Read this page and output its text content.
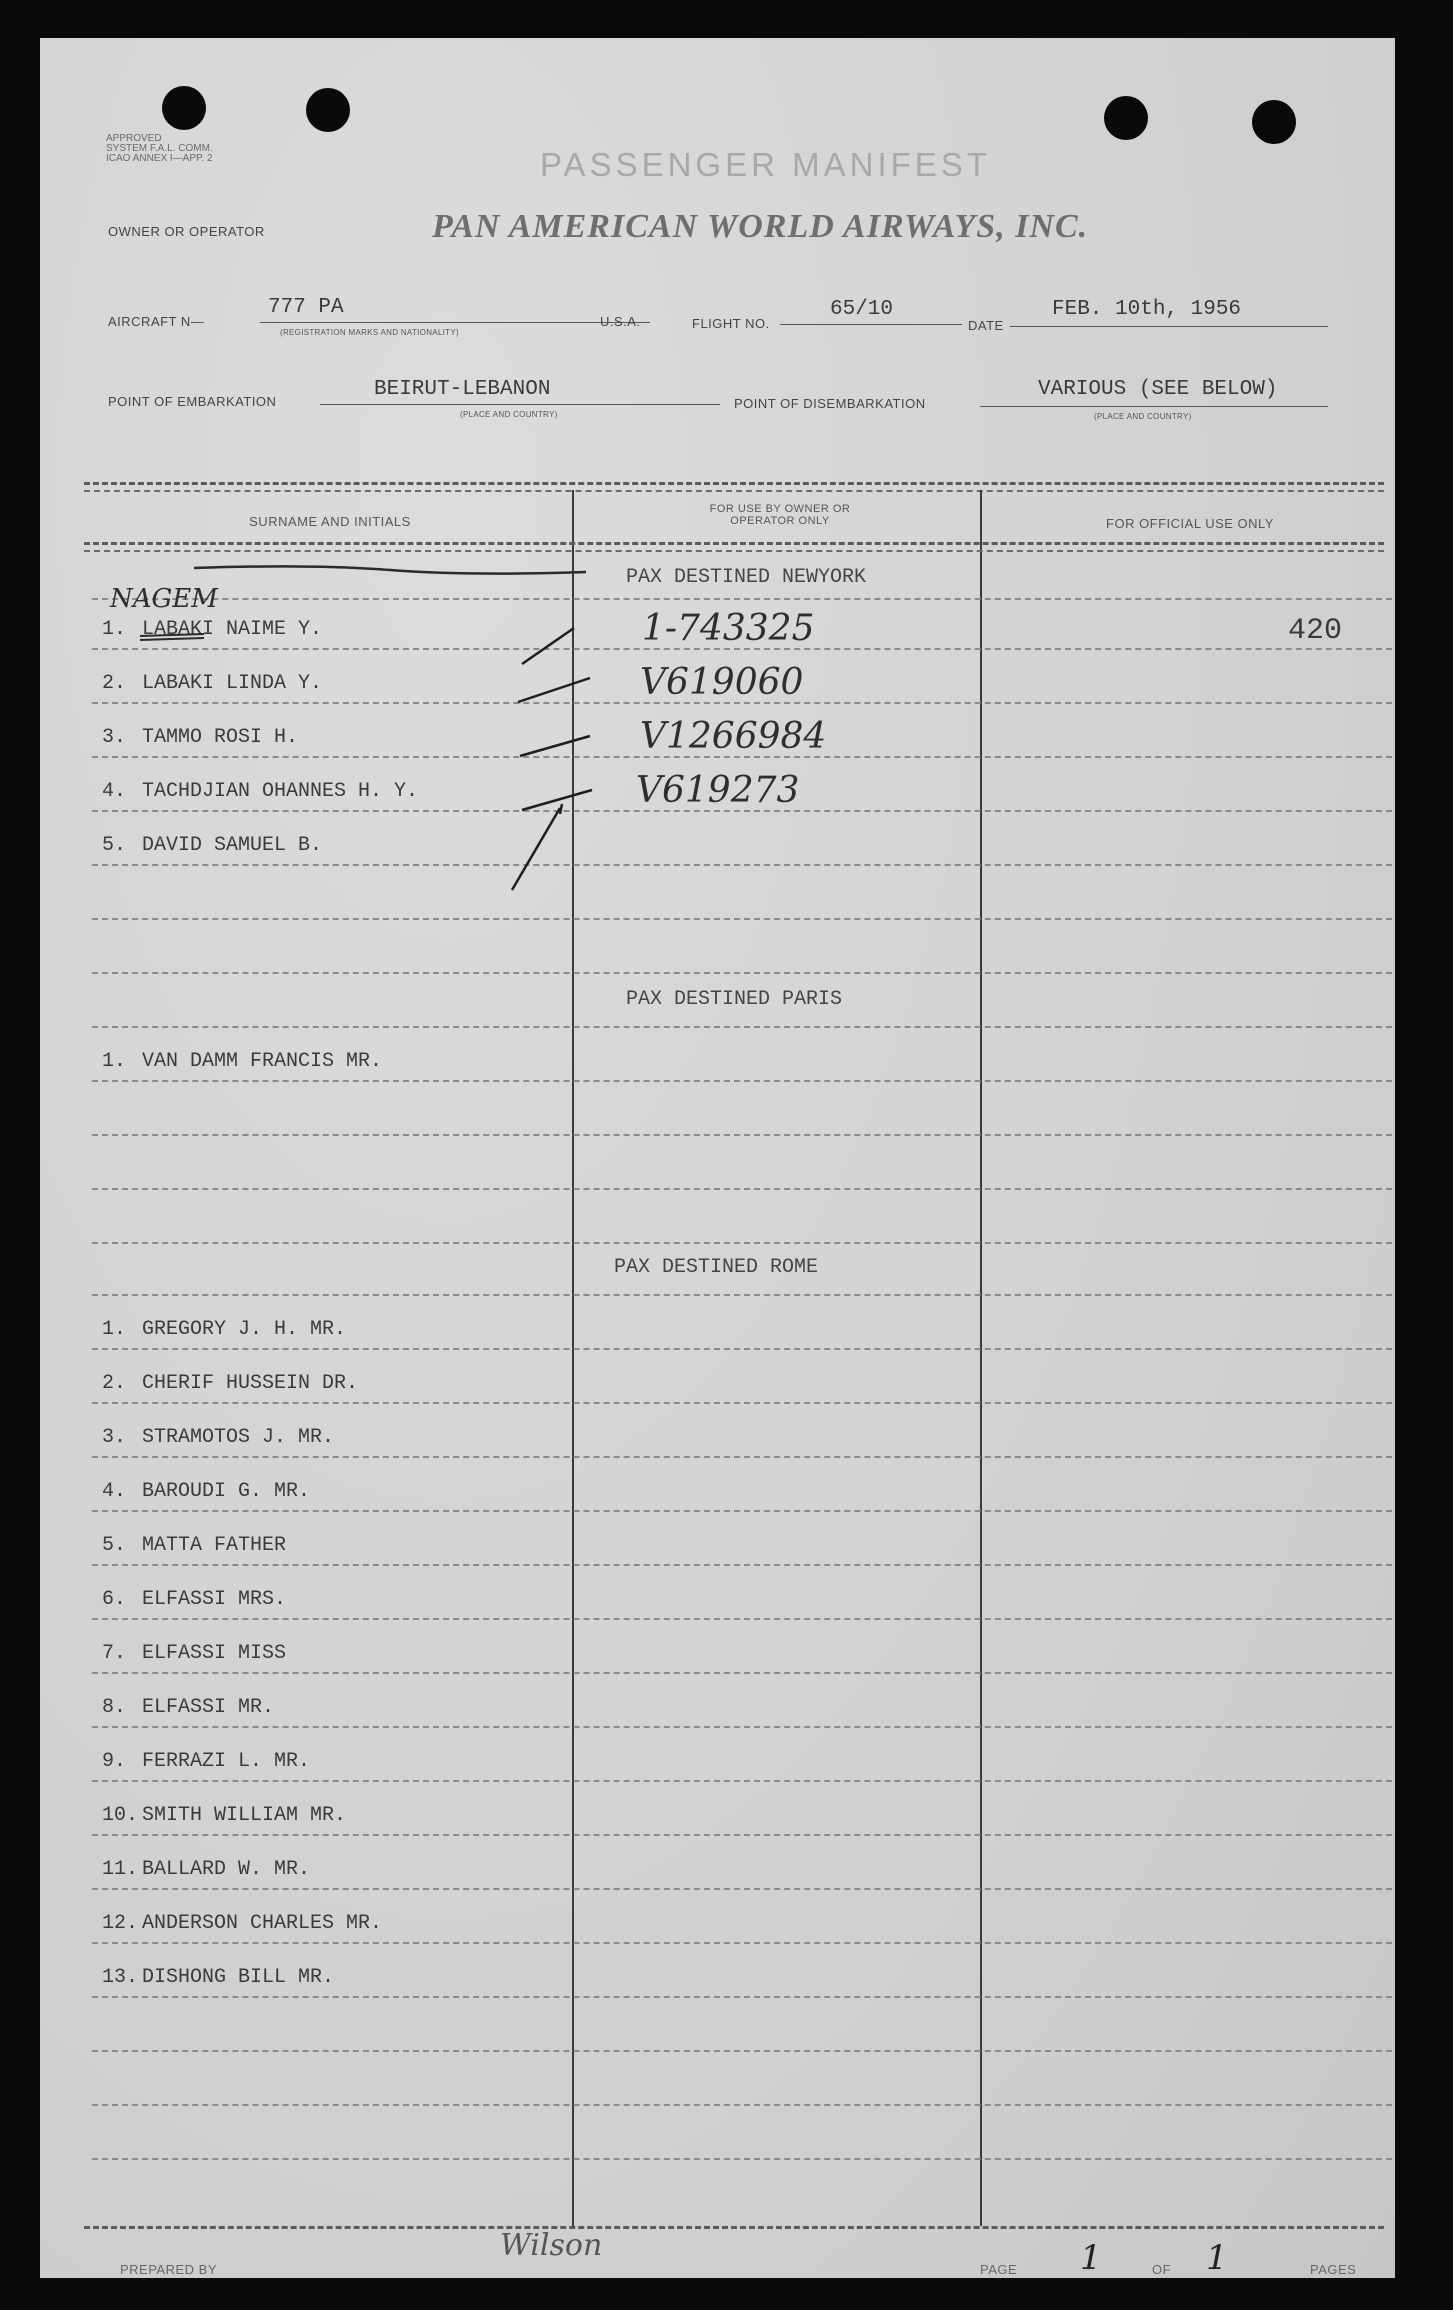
APPROVED
SYSTEM F.A.L. COMM.
ICAO ANNEX I—APP. 2	PASSENGER MANIFEST
OWNER OR OPERATOR	PAN AMERICAN WORLD AIRWAYS, INC.
AIRCRAFT N—
777 PA
(REGISTRATION MARKS AND NATIONALITY)
U.S.A.	FLIGHT NO.
65/10
DATE
FEB. 10th, 1956
POINT OF EMBARKATION
BEIRUT-LEBANON
(PLACE AND COUNTRY)
POINT OF DISEMBARKATION
VARIOUS (SEE BELOW)
(PLACE AND COUNTRY)
SURNAME AND INITIALS
FOR USE BY OWNER OR OPERATOR ONLY	FOR OFFICIAL USE ONLY
PAX DESTINED NEWYORK
NAGEM
1. LABAKI NAIME Y.	1-743325	420
2. LABAKI LINDA Y.	V619060
3. TAMMO ROSI H.	V1266984
4. TACHDJIAN OHANNES H. Y.	V619273
5. DAVID SAMUEL B.
PAX DESTINED PARIS
1. VAN DAMM FRANCIS MR.
PAX DESTINED ROME
1. GREGORY J. H. MR.
2. CHERIF HUSSEIN DR.
3. STRAMOTOS J. MR.
4. BAROUDI G. MR.
5. MATTA FATHER
6. ELFASSI MRS.
7. ELFASSI MISS
8. ELFASSI MR.
9. FERRAZI L. MR.
10. SMITH WILLIAM MR.
11. BALLARD W. MR.
12. ANDERSON CHARLES MR.
13. DISHONG BILL MR.
PREPARED BY
Wilson
PAGE 1	OF 1	PAGES
